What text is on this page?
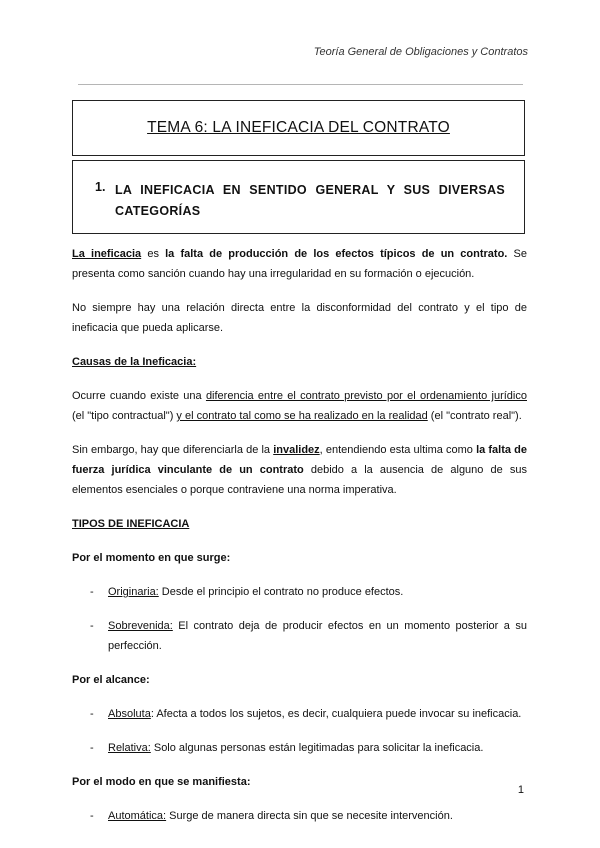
Teoría General de Obligaciones y Contratos
TEMA 6: LA INEFICACIA DEL CONTRATO
1. LA INEFICACIA EN SENTIDO GENERAL Y SUS DIVERSAS CATEGORÍAS

La ineficacia es la falta de producción de los efectos típicos de un contrato. Se presenta como sanción cuando hay una irregularidad en su formación o ejecución.

No siempre hay una relación directa entre la disconformidad del contrato y el tipo de ineficacia que pueda aplicarse.

Causas de la Ineficacia:

Ocurre cuando existe una diferencia entre el contrato previsto por el ordenamiento jurídico (el "tipo contractual") y el contrato tal como se ha realizado en la realidad (el "contrato real").

Sin embargo, hay que diferenciarla de la invalidez, entendiendo esta ultima como la falta de fuerza jurídica vinculante de un contrato debido a la ausencia de alguno de sus elementos esenciales o porque contraviene una norma imperativa.

TIPOS DE INEFICACIA

Por el momento en que surge:

- Originaria: Desde el principio el contrato no produce efectos.
- Sobrevenida: El contrato deja de producir efectos en un momento posterior a su perfección.

Por el alcance:

- Absoluta: Afecta a todos los sujetos, es decir, cualquiera puede invocar su ineficacia.
- Relativa: Solo algunas personas están legitimadas para solicitar la ineficacia.

Por el modo en que se manifiesta:

- Automática: Surge de manera directa sin que se necesite intervención.
1
